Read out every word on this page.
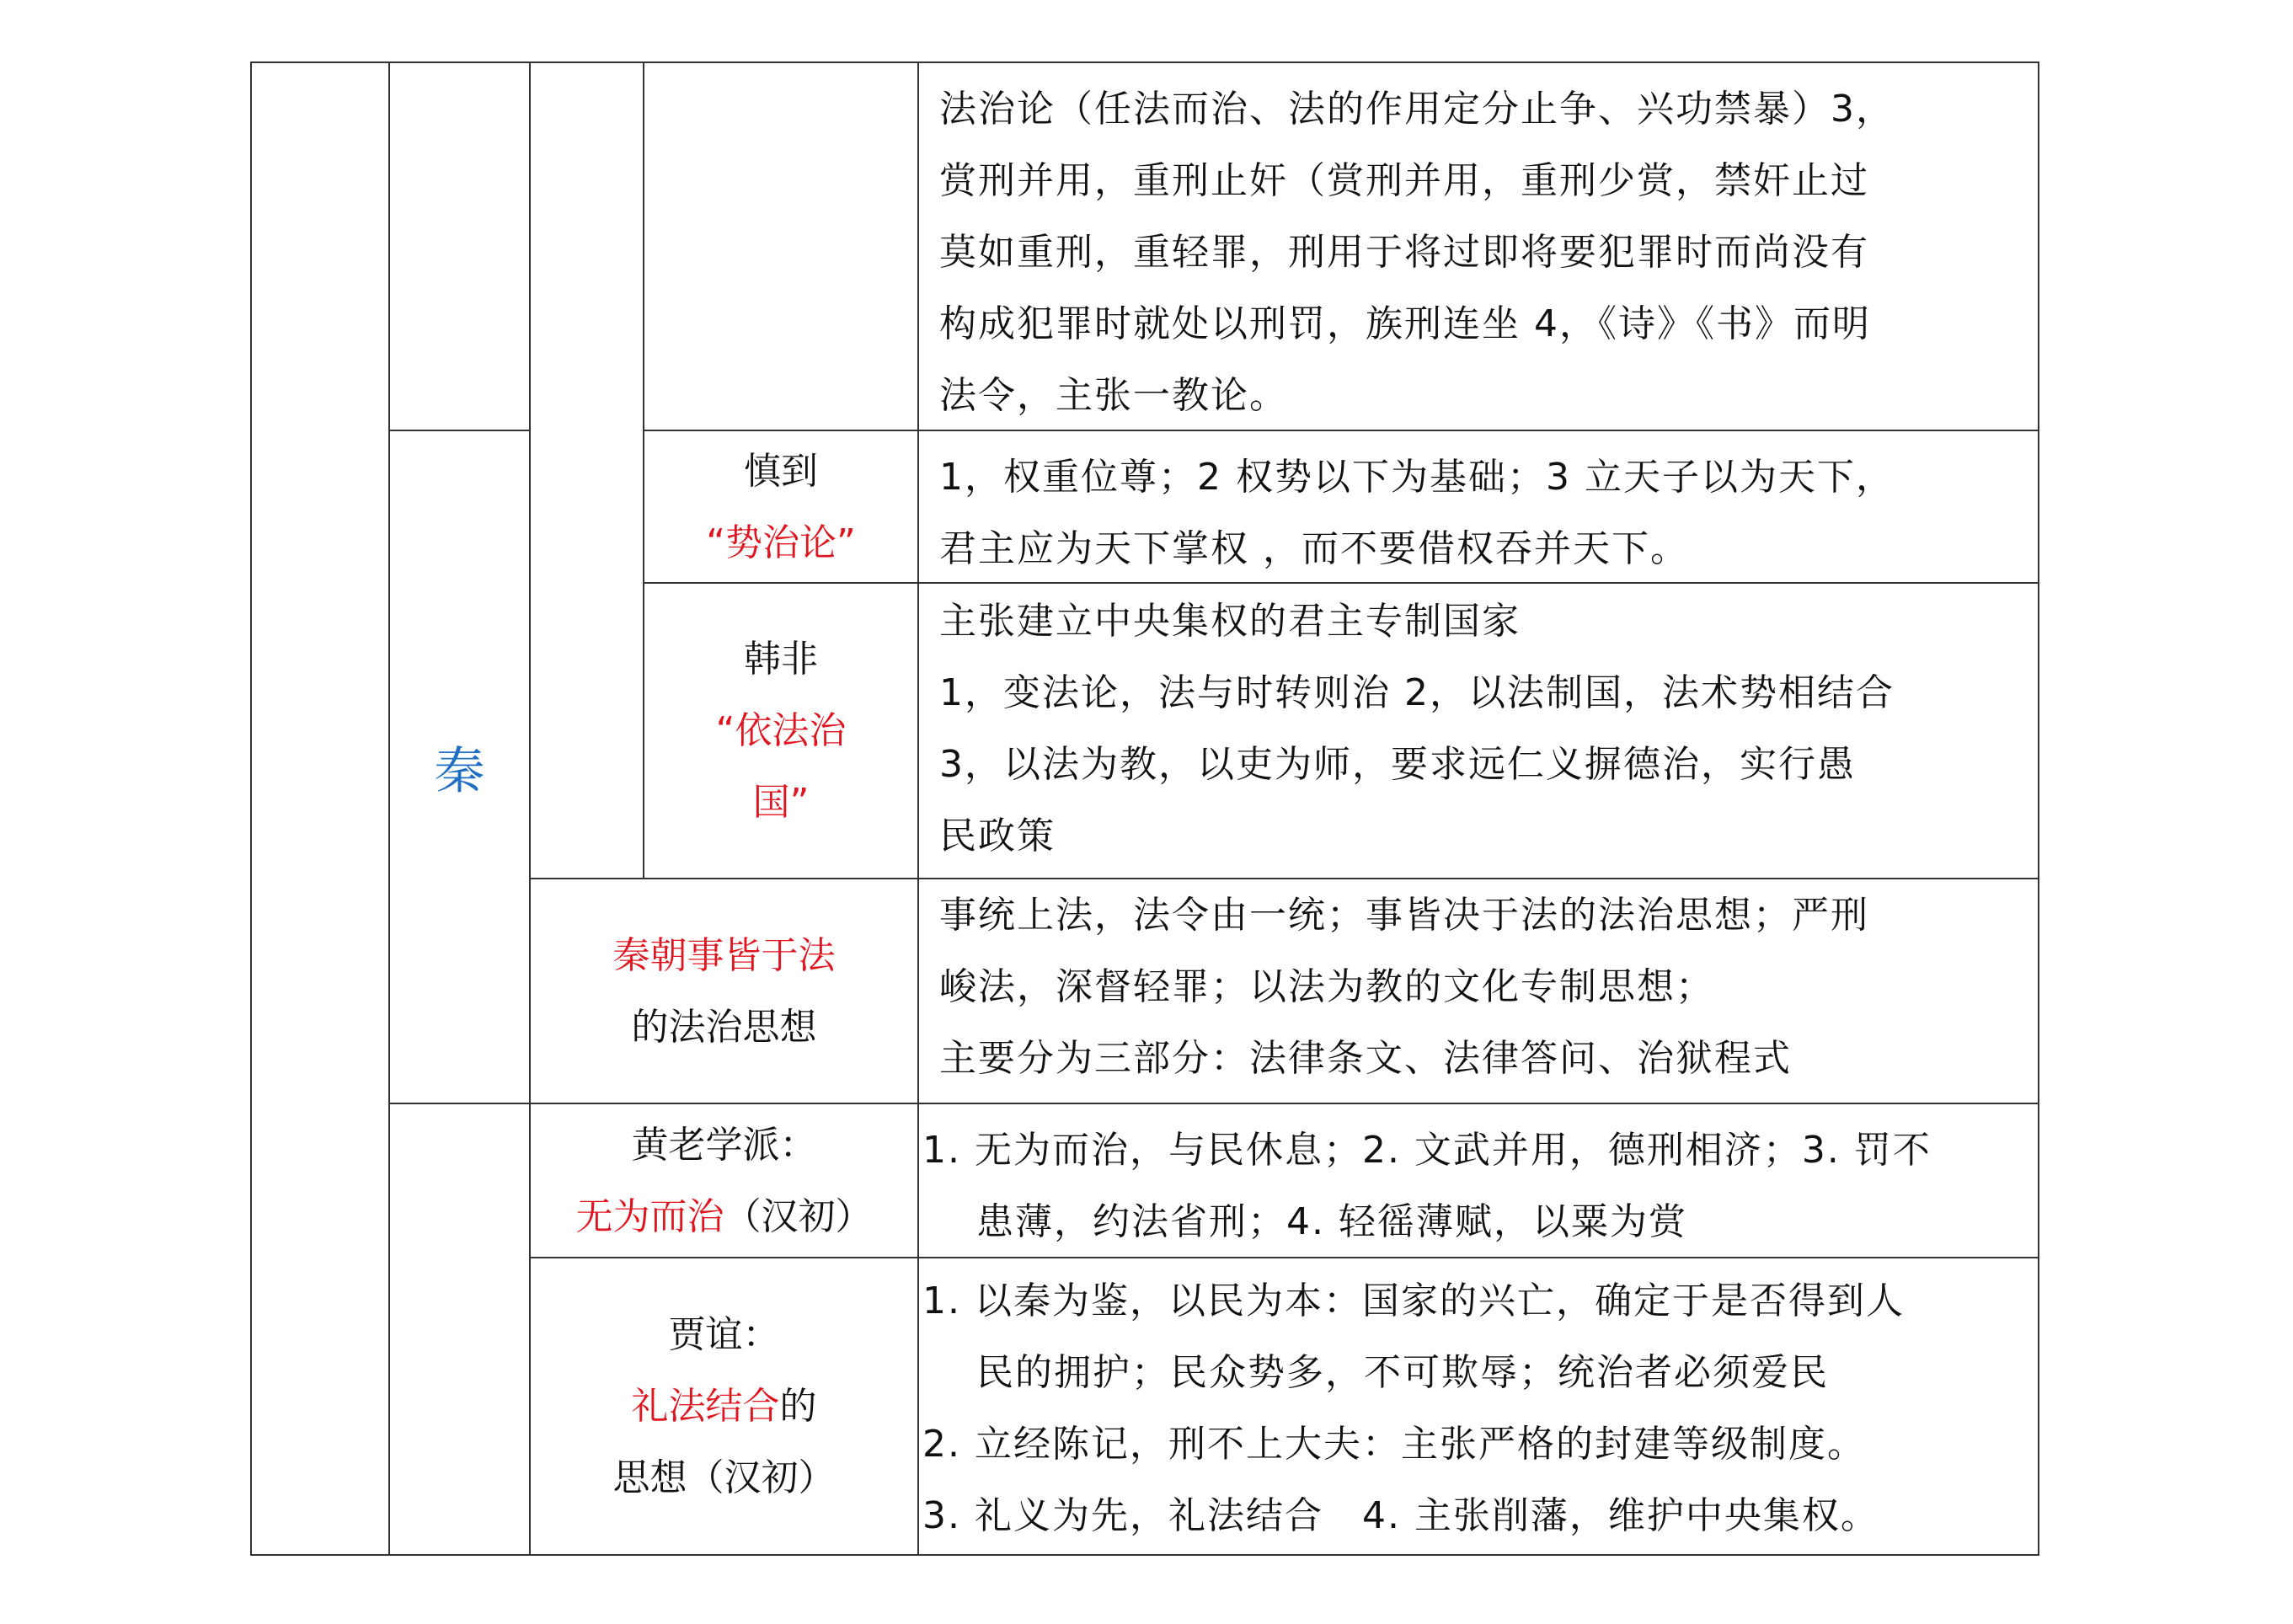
秦
慎到
“势治论”
韩非
“依法治
国”
秦朝事皆于法
的法治思想
黄老学派：
无为而治（汉初）
贾谊：
礼法结合的
思想（汉初）
法治论（任法而治、法的作用定分止争、兴功禁暴）3，
赏刑并用，重刑止奸（赏刑并用，重刑少赏，禁奸止过
莫如重刑，重轻罪，刑用于将过即将要犯罪时而尚没有
构成犯罪时就处以刑罚，族刑连坐 4，《诗》《书》而明
法令，主张一教论。
1，权重位尊；2 权势以下为基础；3 立天子以为天下，
君主应为天下掌权 ，而不要借权吞并天下。
主张建立中央集权的君主专制国家
1，变法论，法与时转则治 2，以法制国，法术势相结合
3，以法为教，以吏为师，要求远仁义摒德治，实行愚
民政策
事统上法，法令由一统；事皆决于法的法治思想；严刑
峻法，深督轻罪；以法为教的文化专制思想；
主要分为三部分：法律条文、法律答问、治狱程式
1. 无为而治，与民休息；2. 文武并用，德刑相济；3. 罚不
患薄，约法省刑；4. 轻徭薄赋，以粟为赏
1. 以秦为鉴，以民为本：国家的兴亡，确定于是否得到人
民的拥护；民众势多，不可欺辱；统治者必须爱民
2. 立经陈记，刑不上大夫：主张严格的封建等级制度。
3. 礼义为先，礼法结合　4. 主张削藩，维护中央集权。
